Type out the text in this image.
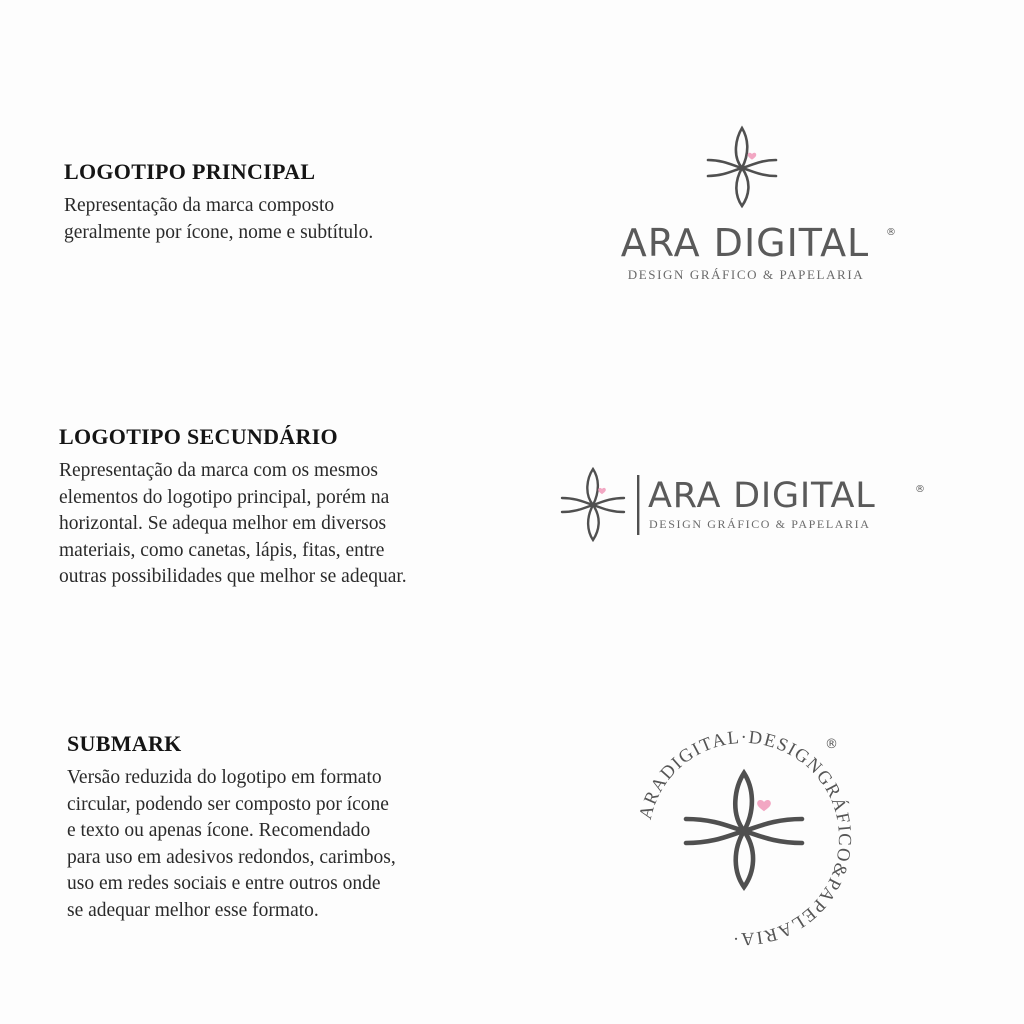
LOGOTIPO PRINCIPAL

Representação da marca composto
geralmente por ícone, nome e subtítulo.	ARA DIGITAL ®
DESIGN GRÁFICO & PAPELARIA
LOGOTIPO SECUNDÁRIO

Representação da marca com os mesmos
elementos do logotipo principal, porém na
horizontal. Se adequa melhor em diversos
materiais, como canetas, lápis, fitas, entre
outras possibilidades que melhor se adequar.

ARA DIGITAL	®
DESIGN GRÁFICO & PAPELARIA
SUBMARK

Versão reduzida do logotipo em formato
circular, podendo ser composto por ícone
e texto ou apenas ícone. Recomendado
para uso em adesivos redondos, carimbos,
uso em redes sociais e entre outros onde
se adequar melhor esse formato.

ARADIGITAL·DESIGNGRÁFICO&PAPELARIA·
®
